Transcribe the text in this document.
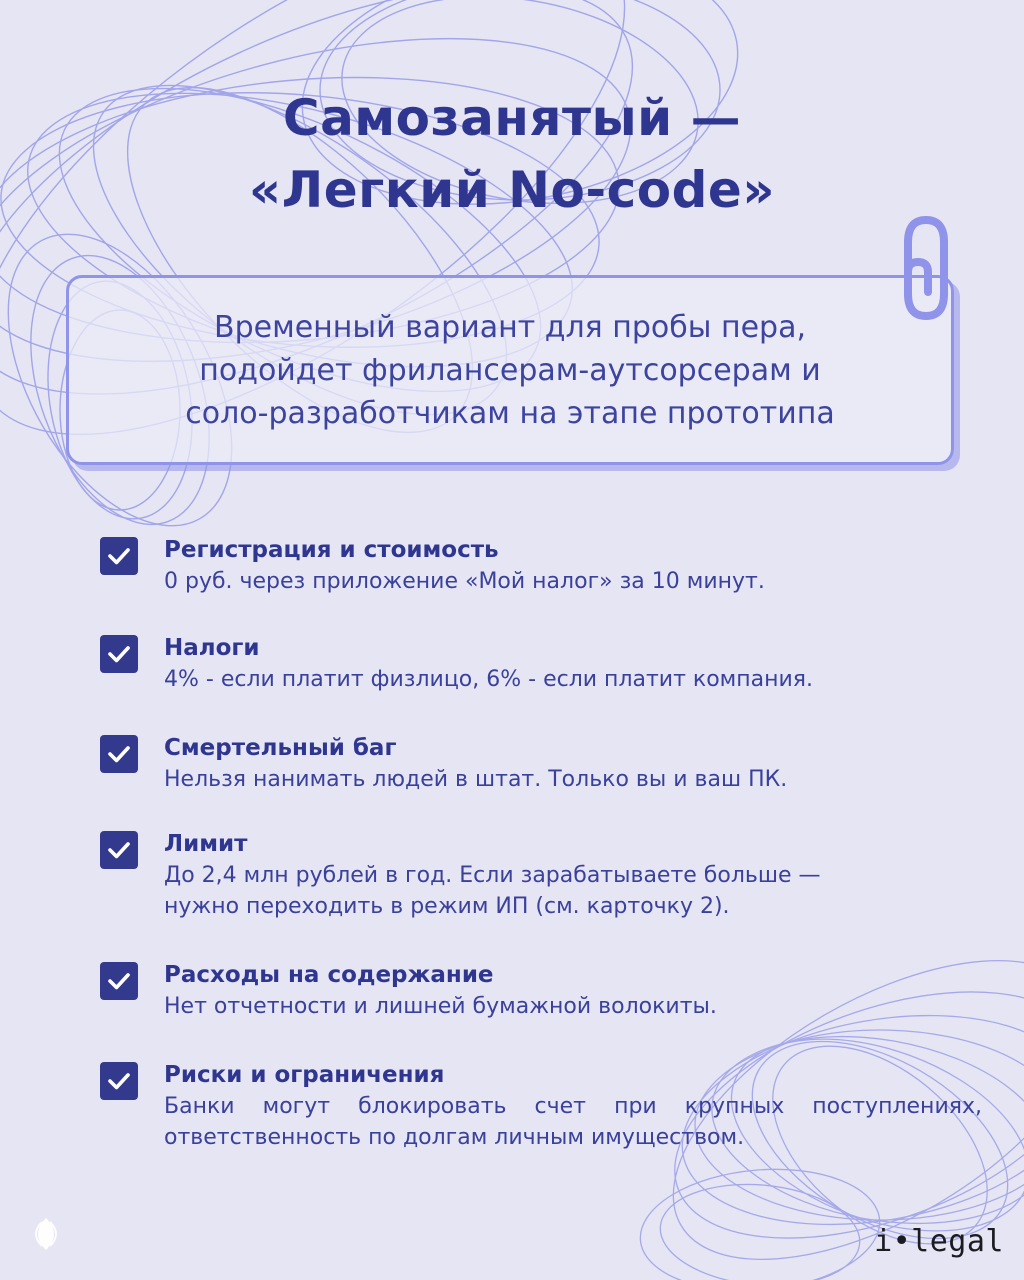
Самозанятый —
«Легкий No-code»
Временный вариант для пробы пера,
подойдет фрилансерам-аутсорсерам и
соло-разработчикам на этапе прототипа
Регистрация и стоимость
0 руб. через приложение «Мой налог» за 10 минут.
Налоги
4% - если платит физлицо, 6% - если платит компания.
Смертельный баг
Нельзя нанимать людей в штат. Только вы и ваш ПК.
Лимит
До 2,4 млн рублей в год. Если зарабатываете больше —
нужно переходить в режим ИП (см. карточку 2).
Расходы на содержание
Нет отчетности и лишней бумажной волокиты.
Риски и ограничения
Банки могут блокировать счет при крупных поступлениях,
ответственность по долгам личным имуществом.
i•legal
